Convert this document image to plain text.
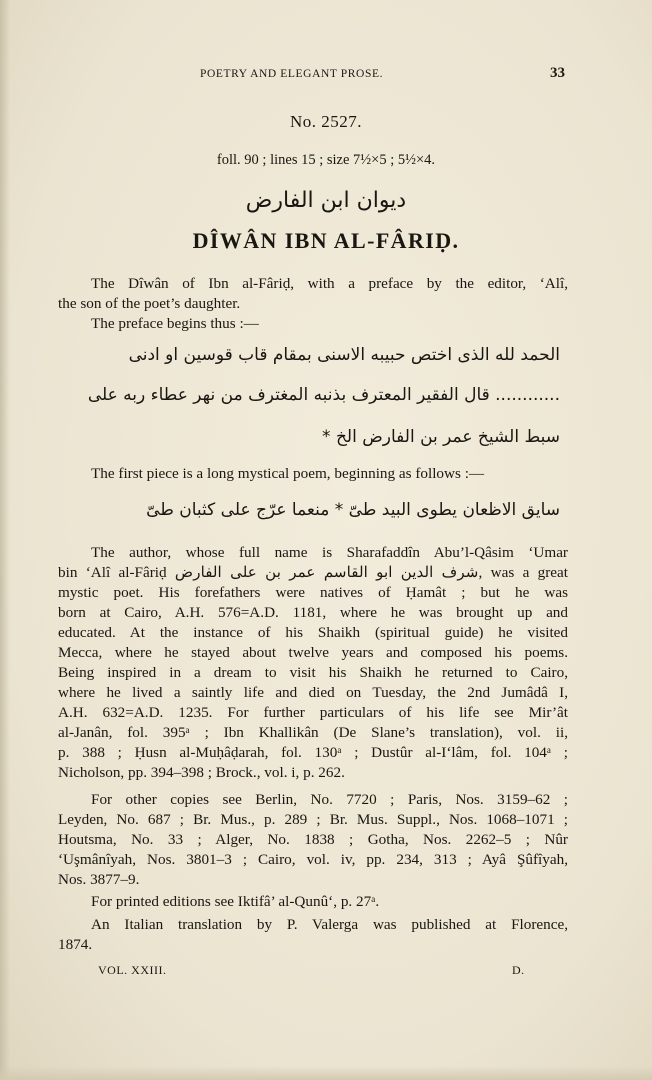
POETRY AND ELEGANT PROSE.	33
No. 2527.
foll. 90 ; lines 15 ; size 7½×5 ; 5½×4.
ديوان ابن الفارض
DÎWÂN IBN AL-FÂRIḌ.
The Dîwân of Ibn al-Fâriḍ, with a preface by the editor, ‘Alî,
the son of the poet’s daughter.
The preface begins thus :—
الحمد لله الذى اختص حبيبه الاسنى بمقام قاب قوسين او ادنى
............ قال الفقير المعترف بذنبه المغترف من نهر عطاء ربه على
سبط الشيخ عمر بن الفارض الخ *
The first piece is a long mystical poem, beginning as follows :—
سايق الاظعان يطوى البيد طىّ * منعما عرّج على كثبان طىّ
The author, whose full name is Sharafaddîn Abu’l-Qâsim ‘Umar
bin ‘Alî al-Fâriḍ شرف الدين ابو القاسم عمر بن على الفارض, was a great
mystic poet. His forefathers were natives of Ḥamât ; but he was
born at Cairo, A.H. 576=A.D. 1181, where he was brought up and
educated. At the instance of his Shaikh (spiritual guide) he visited
Mecca, where he stayed about twelve years and composed his poems.
Being inspired in a dream to visit his Shaikh he returned to Cairo,
where he lived a saintly life and died on Tuesday, the 2nd Jumâdâ I,
A.H. 632=A.D. 1235. For further particulars of his life see Mir’ât
al-Janân, fol. 395ᵃ ; Ibn Khallikân (De Slane’s translation), vol. ii,
p. 388 ; Ḥusn al-Muḥâḍarah, fol. 130ᵃ ; Dustûr al-I‘lâm, fol. 104ᵃ ;
Nicholson, pp. 394–398 ; Brock., vol. i, p. 262.
For other copies see Berlin, No. 7720 ; Paris, Nos. 3159–62 ;
Leyden, No. 687 ; Br. Mus., p. 289 ; Br. Mus. Suppl., Nos. 1068–1071 ;
Houtsma, No. 33 ; Alger, No. 1838 ; Gotha, Nos. 2262–5 ; Nûr
‘Uşmânîyah, Nos. 3801–3 ; Cairo, vol. iv, pp. 234, 313 ; Ayâ Şûfîyah,
Nos. 3877–9.
For printed editions see Iktifâ’ al-Qunû‘, p. 27ᵃ.
An Italian translation by P. Valerga was published at Florence,
1874.
VOL. XXIII.	D.
